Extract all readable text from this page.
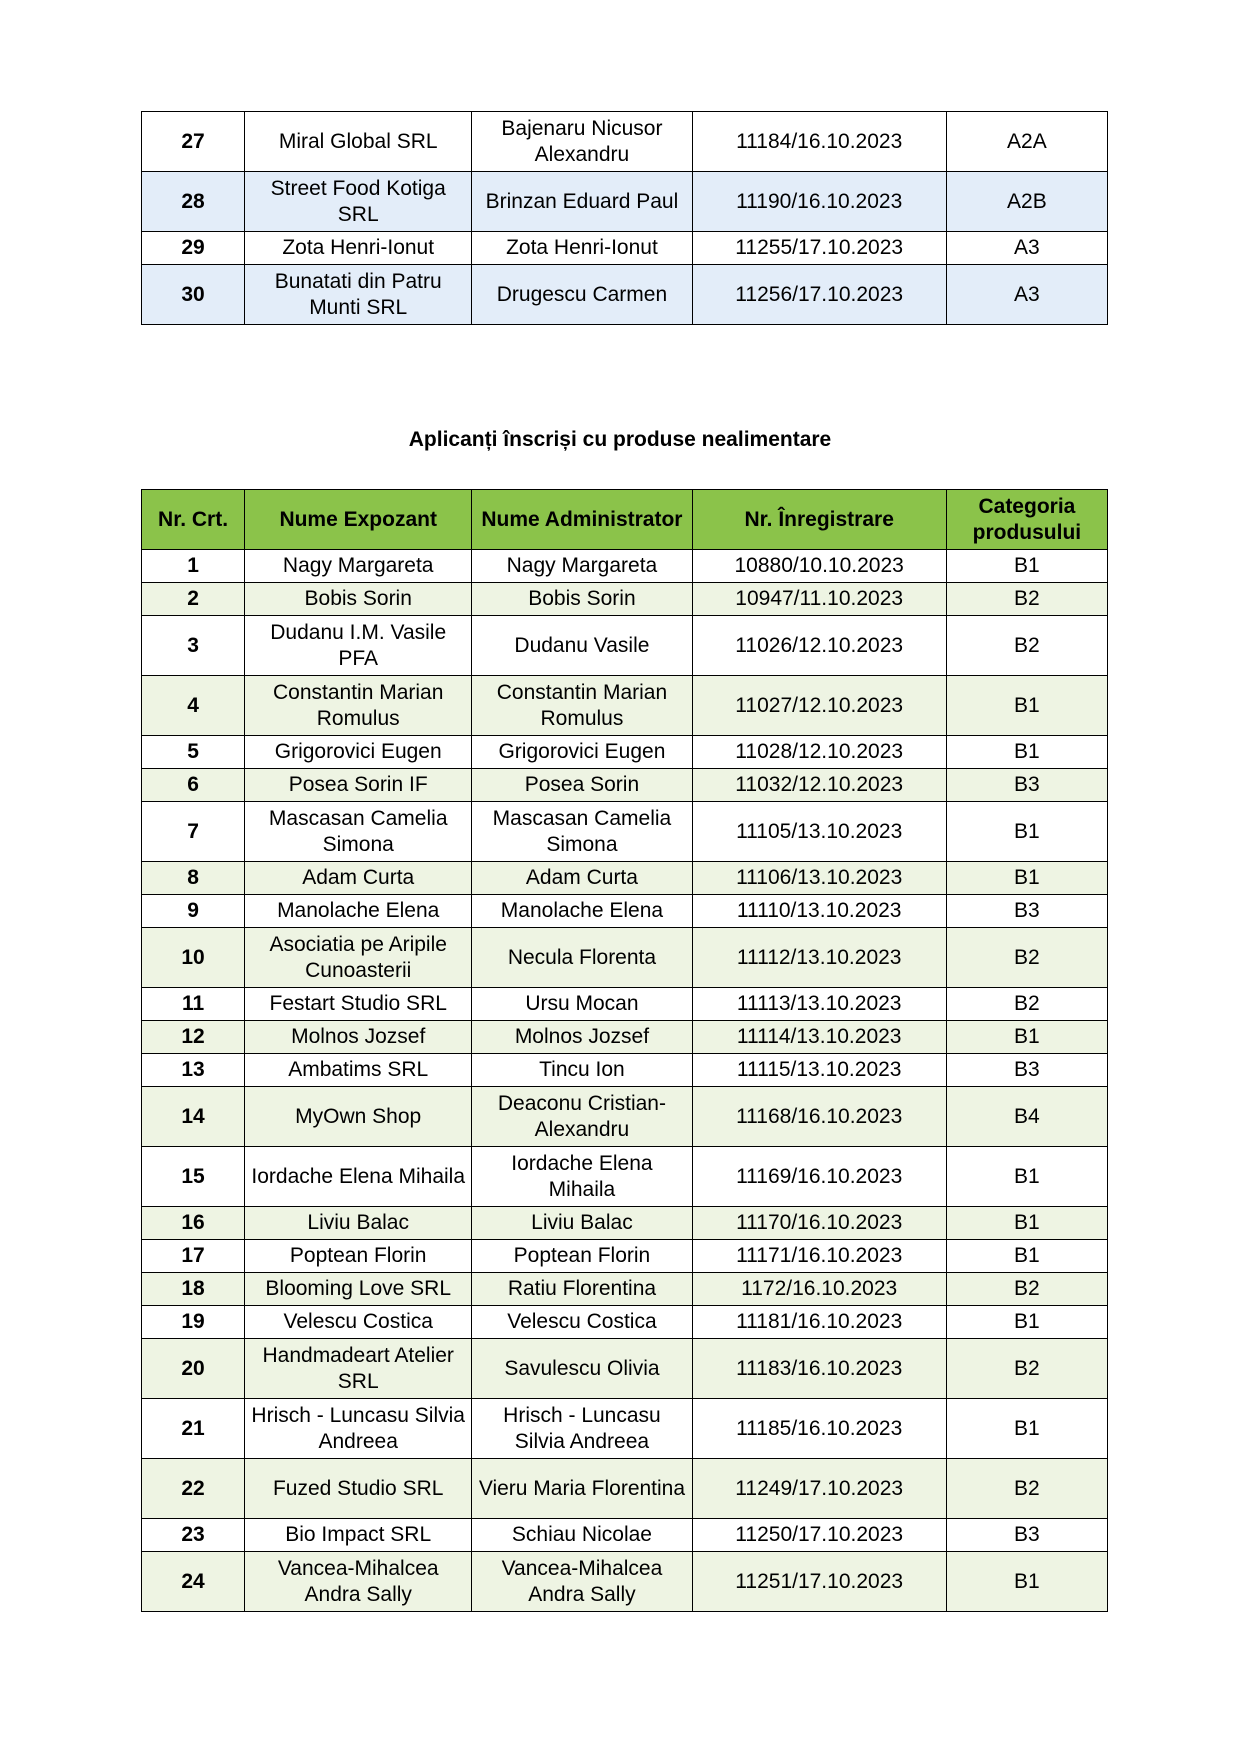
27	Miral Global SRL	Bajenaru Nicusor Alexandru	11184/16.10.2023	A2A
28	Street Food Kotiga SRL	Brinzan Eduard Paul	11190/16.10.2023	A2B
29	Zota Henri-Ionut	Zota Henri-Ionut	11255/17.10.2023	A3
30	Bunatati din Patru Munti SRL	Drugescu Carmen	11256/17.10.2023	A3
Aplicanți înscriși cu produse nealimentare
Nr. Crt.	Nume Expozant	Nume Administrator	Nr. Înregistrare	Categoria produsului
1	Nagy Margareta	Nagy Margareta	10880/10.10.2023	B1
2	Bobis Sorin	Bobis Sorin	10947/11.10.2023	B2
3	Dudanu I.M. Vasile PFA	Dudanu Vasile	11026/12.10.2023	B2
4	Constantin Marian Romulus	Constantin Marian Romulus	11027/12.10.2023	B1
5	Grigorovici Eugen	Grigorovici Eugen	11028/12.10.2023	B1
6	Posea Sorin IF	Posea Sorin	11032/12.10.2023	B3
7	Mascasan Camelia Simona	Mascasan Camelia Simona	11105/13.10.2023	B1
8	Adam Curta	Adam Curta	11106/13.10.2023	B1
9	Manolache Elena	Manolache Elena	11110/13.10.2023	B3
10	Asociatia pe Aripile Cunoasterii	Necula Florenta	11112/13.10.2023	B2
11	Festart Studio SRL	Ursu Mocan	11113/13.10.2023	B2
12	Molnos Jozsef	Molnos Jozsef	11114/13.10.2023	B1
13	Ambatims SRL	Tincu Ion	11115/13.10.2023	B3
14	MyOwn Shop	Deaconu Cristian-Alexandru	11168/16.10.2023	B4
15	Iordache Elena Mihaila	Iordache Elena Mihaila	11169/16.10.2023	B1
16	Liviu Balac	Liviu Balac	11170/16.10.2023	B1
17	Poptean Florin	Poptean Florin	11171/16.10.2023	B1
18	Blooming Love SRL	Ratiu Florentina	1172/16.10.2023	B2
19	Velescu Costica	Velescu Costica	11181/16.10.2023	B1
20	Handmadeart Atelier SRL	Savulescu Olivia	11183/16.10.2023	B2
21	Hrisch - Luncasu Silvia Andreea	Hrisch - Luncasu Silvia Andreea	11185/16.10.2023	B1
22	Fuzed Studio SRL	Vieru Maria Florentina	11249/17.10.2023	B2
23	Bio Impact SRL	Schiau Nicolae	11250/17.10.2023	B3
24	Vancea-Mihalcea Andra Sally	Vancea-Mihalcea Andra Sally	11251/17.10.2023	B1
